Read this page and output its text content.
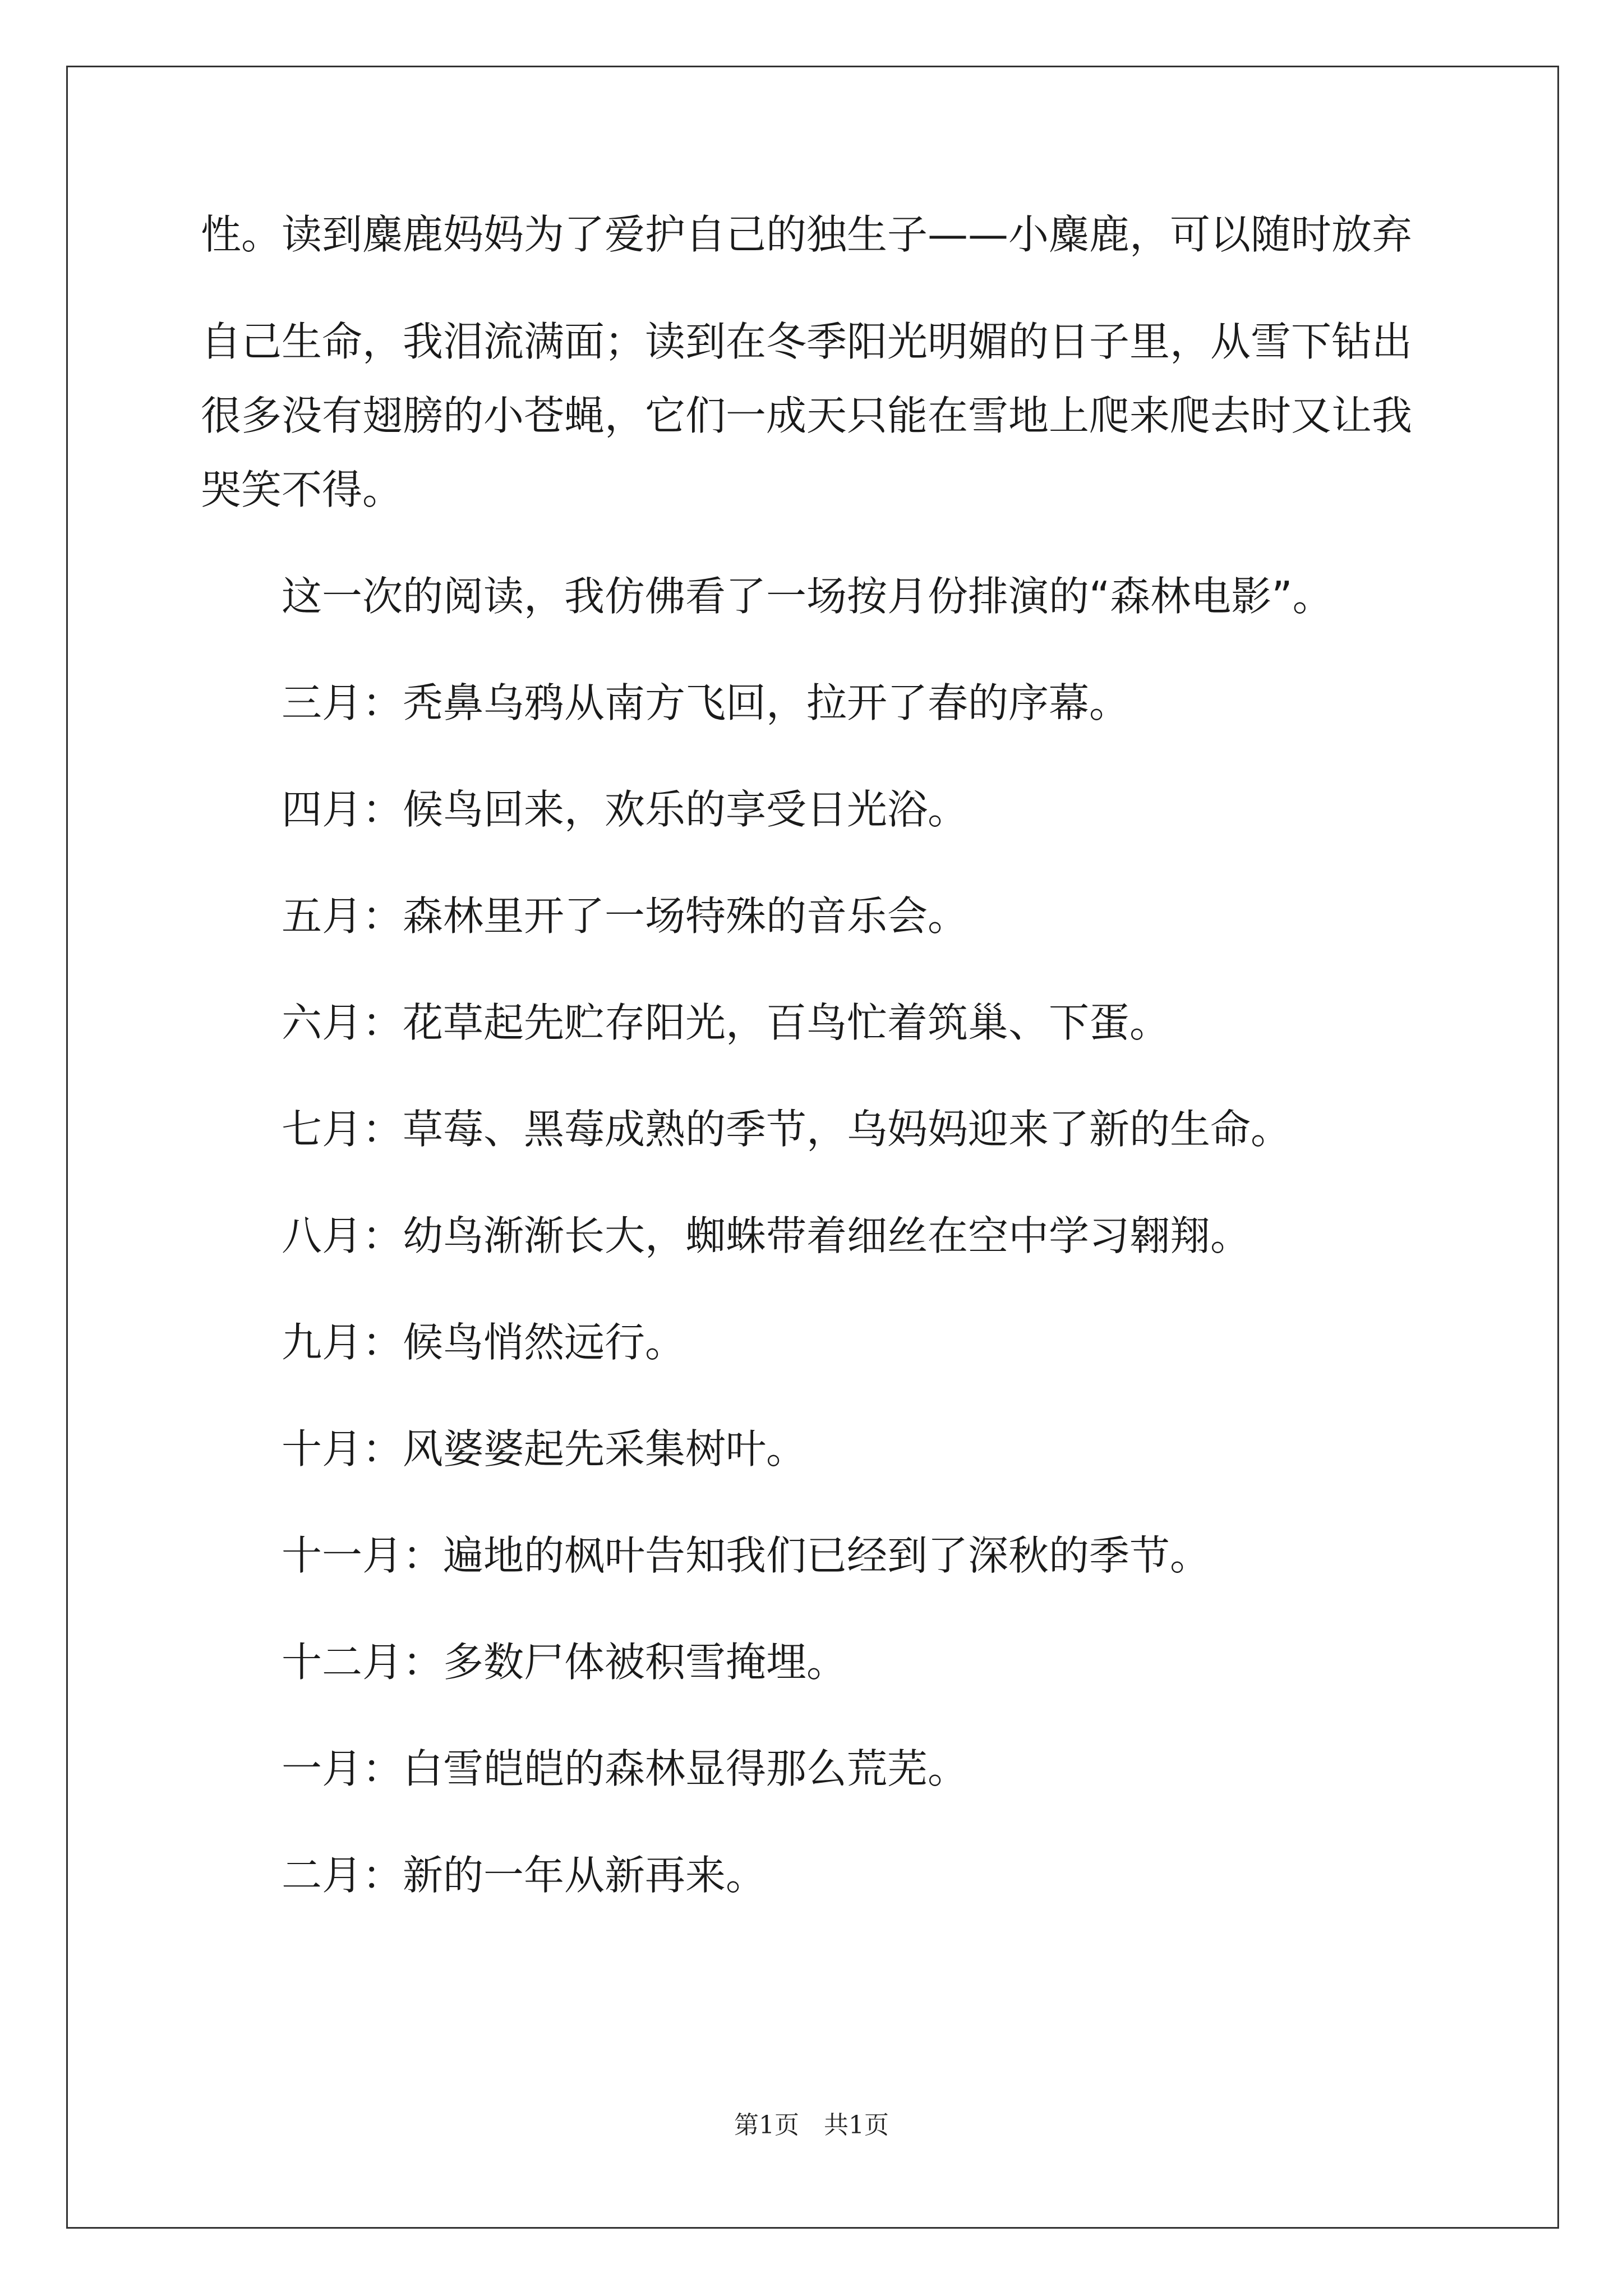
性。读到麋鹿妈妈为了爱护自己的独生子——小麋鹿，可以随时放弃

自己生命，我泪流满面；读到在冬季阳光明媚的日子里，从雪下钻出

很多没有翅膀的小苍蝇，它们一成天只能在雪地上爬来爬去时又让我

哭笑不得。

这一次的阅读，我仿佛看了一场按月份排演的“森林电影”。

三月：秃鼻乌鸦从南方飞回，拉开了春的序幕。

四月：候鸟回来，欢乐的享受日光浴。

五月：森林里开了一场特殊的音乐会。

六月：花草起先贮存阳光，百鸟忙着筑巢、下蛋。

七月：草莓、黑莓成熟的季节，乌妈妈迎来了新的生命。

八月：幼鸟渐渐长大，蜘蛛带着细丝在空中学习翱翔。

九月：候鸟悄然远行。

十月：风婆婆起先采集树叶。

十一月：遍地的枫叶告知我们已经到了深秋的季节。

十二月：多数尸体被积雪掩埋。

一月：白雪皑皑的森林显得那么荒芜。

二月：新的一年从新再来。

第1页　共1页
